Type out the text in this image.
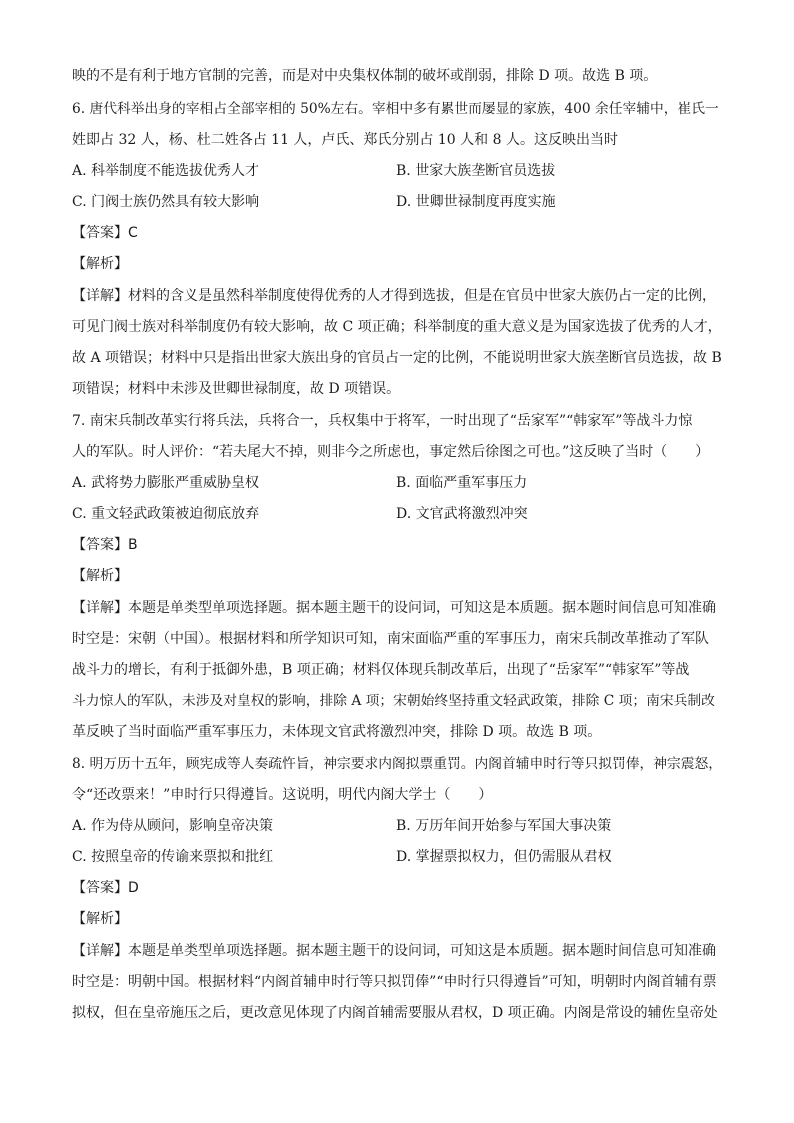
映的不是有利于地方官制的完善，而是对中央集权体制的破坏或削弱，排除 D 项。故选 B 项。
6. 唐代科举出身的宰相占全部宰相的 50%左右。宰相中多有累世而屡显的家族，400 余任宰辅中，崔氏一
姓即占 32 人，杨、杜二姓各占 11 人，卢氏、郑氏分别占 10 人和 8 人。这反映出当时
A. 科举制度不能选拔优秀人才	B. 世家大族垄断官员选拔
C. 门阀士族仍然具有较大影响	D. 世卿世禄制度再度实施
【答案】C
【解析】
【详解】材料的含义是虽然科举制度使得优秀的人才得到选拔，但是在官员中世家大族仍占一定的比例，
可见门阀士族对科举制度仍有较大影响，故 C 项正确；科举制度的重大意义是为国家选拔了优秀的人才，
故 A 项错误；材料中只是指出世家大族出身的官员占一定的比例，不能说明世家大族垄断官员选拔，故 B
项错误；材料中未涉及世卿世禄制度，故 D 项错误。
7. 南宋兵制改革实行将兵法，兵将合一，兵权集中于将军，一时出现了“岳家军”“韩家军”等战斗力惊
人的军队。时人评价：“若夫尾大不掉，则非今之所虑也，事定然后徐图之可也。”这反映了当时（　　）
A. 武将势力膨胀严重威胁皇权	B. 面临严重军事压力
C. 重文轻武政策被迫彻底放弃	D. 文官武将激烈冲突
【答案】B
【解析】
【详解】本题是单类型单项选择题。据本题主题干的设问词，可知这是本质题。据本题时间信息可知准确
时空是：宋朝（中国）。根据材料和所学知识可知，南宋面临严重的军事压力，南宋兵制改革推动了军队
战斗力的增长，有利于抵御外患，B 项正确；材料仅体现兵制改革后，出现了“岳家军”“韩家军”等战
斗力惊人的军队，未涉及对皇权的影响，排除 A 项；宋朝始终坚持重文轻武政策，排除 C 项；南宋兵制改
革反映了当时面临严重军事压力，未体现文官武将激烈冲突，排除 D 项。故选 B 项。
8. 明万历十五年，顾宪成等人奏疏忤旨，神宗要求内阁拟票重罚。内阁首辅申时行等只拟罚俸，神宗震怒，
令“还改票来！”申时行只得遵旨。这说明，明代内阁大学士（　　）
A. 作为侍从顾问，影响皇帝决策	B. 万历年间开始参与军国大事决策
C. 按照皇帝的传谕来票拟和批红	D. 掌握票拟权力，但仍需服从君权
【答案】D
【解析】
【详解】本题是单类型单项选择题。据本题主题干的设问词，可知这是本质题。据本题时间信息可知准确
时空是：明朝中国。根据材料“内阁首辅申时行等只拟罚俸”“申时行只得遵旨”可知，明朝时内阁首辅有票
拟权，但在皇帝施压之后，更改意见体现了内阁首辅需要服从君权，D 项正确。内阁是常设的辅佐皇帝处
